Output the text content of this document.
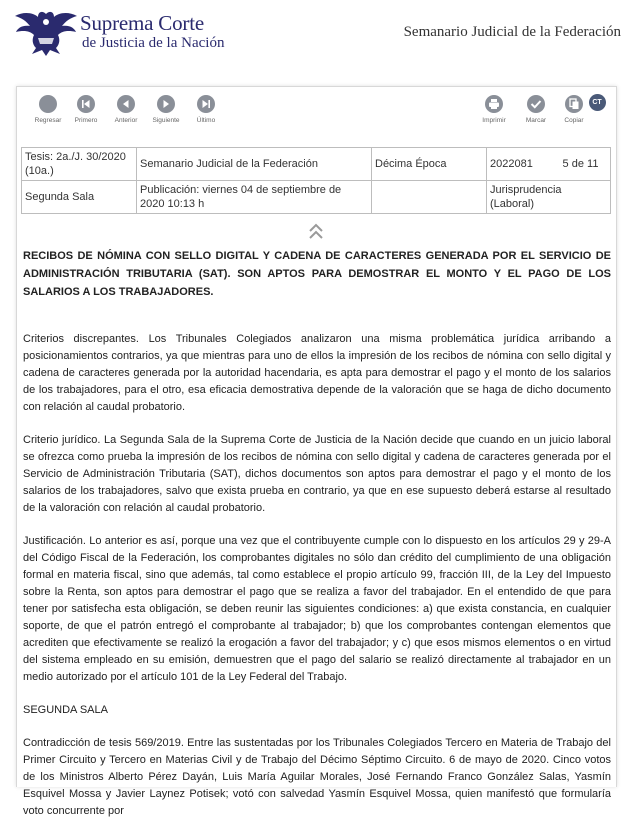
Suprema Corte
de Justicia de la Nación
Semanario Judicial de la Federación
Regresar	Primero	Anterior	Siguiente	Último	Imprimir	Marcar	Copiar
CT
Tesis: 2a./J. 30/2020 (10a.)	Semanario Judicial de la Federación	Décima Época	2022081	5 de 11
Segunda Sala	Publicación: viernes 04 de septiembre de 2020 10:13 h		Jurisprudencia (Laboral)	
RECIBOS DE NÓMINA CON SELLO DIGITAL Y CADENA DE CARACTERES GENERADA POR EL SERVICIO DE ADMINISTRACIÓN TRIBUTARIA (SAT). SON APTOS PARA DEMOSTRAR EL MONTO Y EL PAGO DE LOS SALARIOS A LOS TRABAJADORES.
Criterios discrepantes. Los Tribunales Colegiados analizaron una misma problemática jurídica arribando a posicionamientos contrarios, ya que mientras para uno de ellos la impresión de los recibos de nómina con sello digital y cadena de caracteres generada por la autoridad hacendaria, es apta para demostrar el pago y el monto de los salarios de los trabajadores, para el otro, esa eficacia demostrativa depende de la valoración que se haga de dicho documento con relación al caudal probatorio.
Criterio jurídico. La Segunda Sala de la Suprema Corte de Justicia de la Nación decide que cuando en un juicio laboral se ofrezca como prueba la impresión de los recibos de nómina con sello digital y cadena de caracteres generada por el Servicio de Administración Tributaria (SAT), dichos documentos son aptos para demostrar el pago y el monto de los salarios de los trabajadores, salvo que exista prueba en contrario, ya que en ese supuesto deberá estarse al resultado de la valoración con relación al caudal probatorio.
Justificación. Lo anterior es así, porque una vez que el contribuyente cumple con lo dispuesto en los artículos 29 y 29-A del Código Fiscal de la Federación, los comprobantes digitales no sólo dan crédito del cumplimiento de una obligación formal en materia fiscal, sino que además, tal como establece el propio artículo 99, fracción III, de la Ley del Impuesto sobre la Renta, son aptos para demostrar el pago que se realiza a favor del trabajador. En el entendido de que para tener por satisfecha esta obligación, se deben reunir las siguientes condiciones: a) que exista constancia, en cualquier soporte, de que el patrón entregó el comprobante al trabajador; b) que los comprobantes contengan elementos que acrediten que efectivamente se realizó la erogación a favor del trabajador; y c) que esos mismos elementos o en virtud del sistema empleado en su emisión, demuestren que el pago del salario se realizó directamente al trabajador en un medio autorizado por el artículo 101 de la Ley Federal del Trabajo.
SEGUNDA SALA
Contradicción de tesis 569/2019. Entre las sustentadas por los Tribunales Colegiados Tercero en Materia de Trabajo del Primer Circuito y Tercero en Materias Civil y de Trabajo del Décimo Séptimo Circuito. 6 de mayo de 2020. Cinco votos de los Ministros Alberto Pérez Dayán, Luis María Aguilar Morales, José Fernando Franco González Salas, Yasmín Esquivel Mossa y Javier Laynez Potisek; votó con salvedad Yasmín Esquivel Mossa, quien manifestó que formularía voto concurrente por
